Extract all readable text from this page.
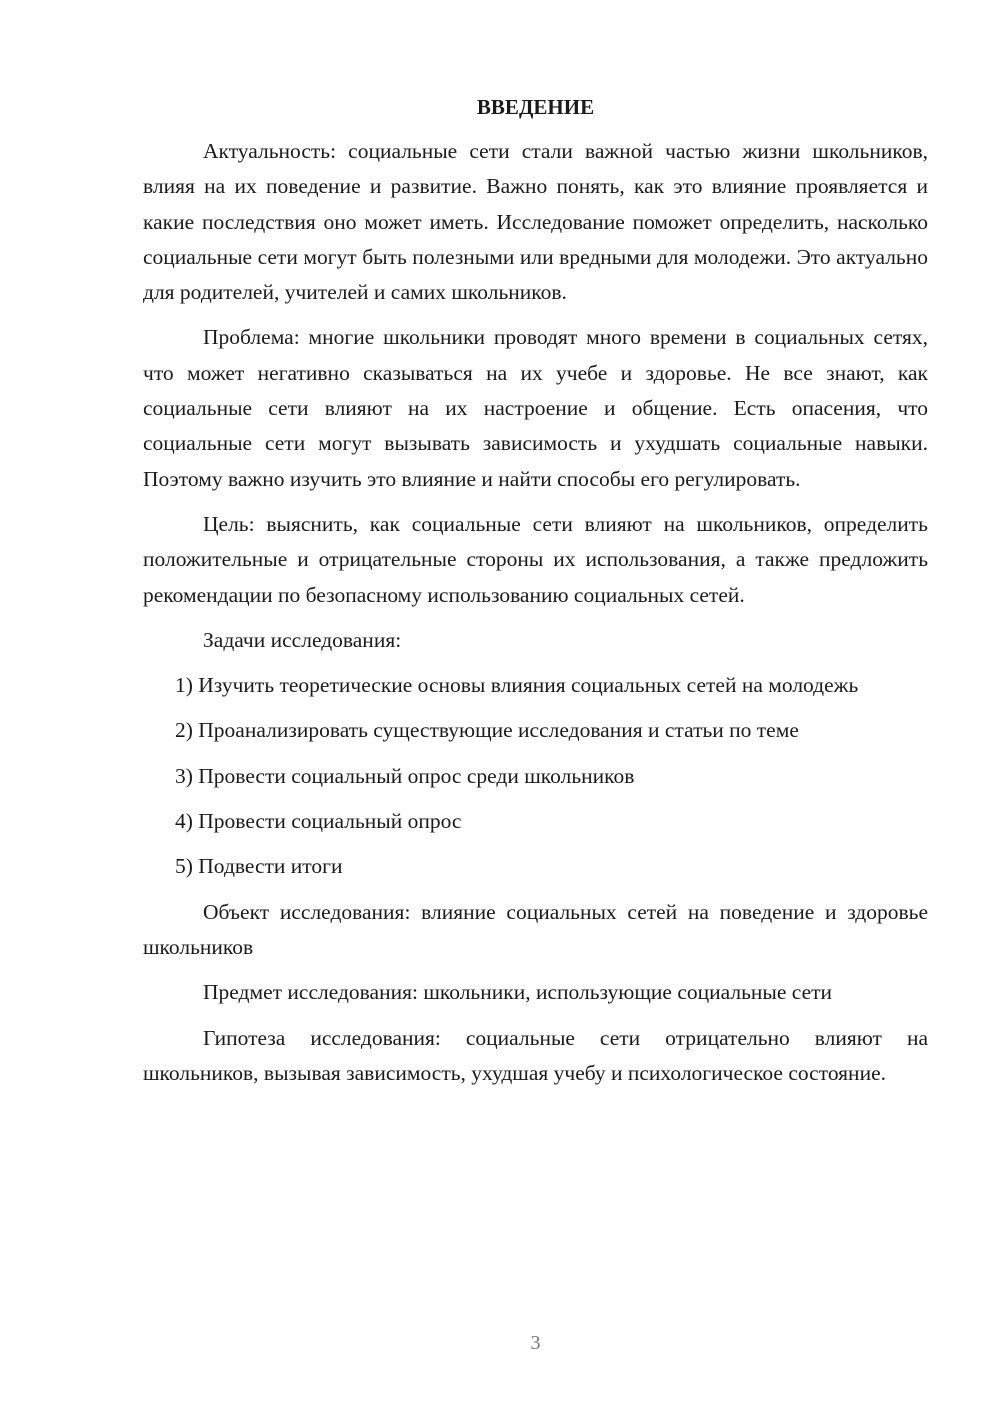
ВВЕДЕНИЕ

Актуальность: социальные сети стали важной частью жизни школьников, влияя на их поведение и развитие. Важно понять, как это влияние проявляется и какие последствия оно может иметь. Исследование поможет определить, насколько социальные сети могут быть полезными или вредными для молодежи. Это актуально для родителей, учителей и самих школьников.

Проблема: многие школьники проводят много времени в социальных сетях, что может негативно сказываться на их учебе и здоровье. Не все знают, как социальные сети влияют на их настроение и общение. Есть опасения, что социальные сети могут вызывать зависимость и ухудшать социальные навыки. Поэтому важно изучить это влияние и найти способы его регулировать.

Цель: выяснить, как социальные сети влияют на школьников, определить положительные и отрицательные стороны их использования, а также предложить рекомендации по безопасному использованию социальных сетей.

Задачи исследования:

1) Изучить теоретические основы влияния социальных сетей на молодежь

2) Проанализировать существующие исследования и статьи по теме

3) Провести социальный опрос среди школьников

4) Провести социальный опрос

5) Подвести итоги

Объект исследования: влияние социальных сетей на поведение и здоровье школьников

Предмет исследования: школьники, использующие социальные сети

Гипотеза исследования: социальные сети отрицательно влияют на школьников, вызывая зависимость, ухудшая учебу и психологическое состояние.

3
